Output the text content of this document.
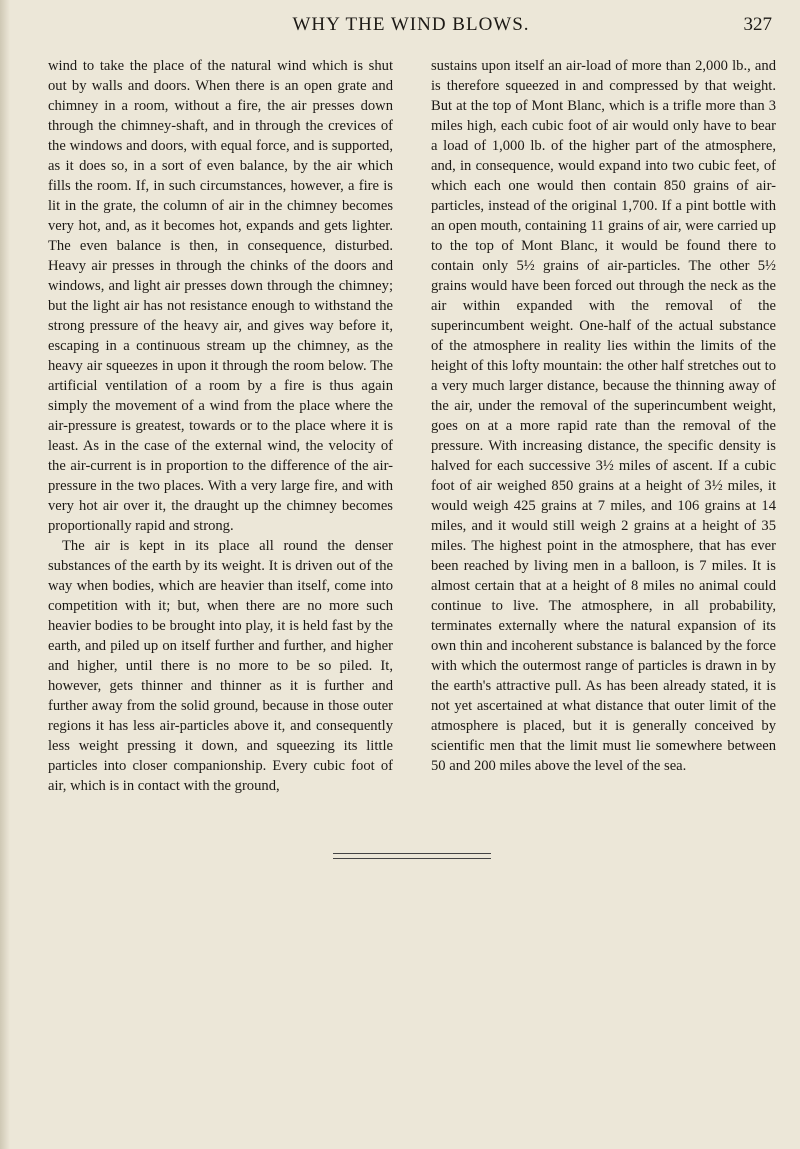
WHY THE WIND BLOWS.	327

wind to take the place of the natural wind which is shut out by walls and doors. When there is an open grate and chimney in a room, without a fire, the air presses down through the chimney-shaft, and in through the crevices of the windows and doors, with equal force, and is supported, as it does so, in a sort of even balance, by the air which fills the room. If, in such circumstances, however, a fire is lit in the grate, the column of air in the chimney becomes very hot, and, as it becomes hot, expands and gets lighter. The even balance is then, in consequence, disturbed. Heavy air presses in through the chinks of the doors and windows, and light air presses down through the chimney; but the light air has not resistance enough to withstand the strong pressure of the heavy air, and gives way before it, escaping in a continuous stream up the chimney, as the heavy air squeezes in upon it through the room below. The artificial ventilation of a room by a fire is thus again simply the movement of a wind from the place where the air-pressure is greatest, towards or to the place where it is least. As in the case of the external wind, the velocity of the air-current is in proportion to the difference of the air-pressure in the two places. With a very large fire, and with very hot air over it, the draught up the chimney becomes proportionally rapid and strong.

The air is kept in its place all round the denser substances of the earth by its weight. It is driven out of the way when bodies, which are heavier than itself, come into competition with it; but, when there are no more such heavier bodies to be brought into play, it is held fast by the earth, and piled up on itself further and further, and higher and higher, until there is no more to be so piled. It, however, gets thinner and thinner as it is further and further away from the solid ground, because in those outer regions it has less air-particles above it, and consequently less weight pressing it down, and squeezing its little particles into closer companionship. Every cubic foot of air, which is in contact with the ground,

sustains upon itself an air-load of more than 2,000 lb., and is therefore squeezed in and compressed by that weight. But at the top of Mont Blanc, which is a trifle more than 3 miles high, each cubic foot of air would only have to bear a load of 1,000 lb. of the higher part of the atmosphere, and, in consequence, would expand into two cubic feet, of which each one would then contain 850 grains of air-particles, instead of the original 1,700. If a pint bottle with an open mouth, containing 11 grains of air, were carried up to the top of Mont Blanc, it would be found there to contain only 5½ grains of air-particles. The other 5½ grains would have been forced out through the neck as the air within expanded with the removal of the superincumbent weight. One-half of the actual substance of the atmosphere in reality lies within the limits of the height of this lofty mountain: the other half stretches out to a very much larger distance, because the thinning away of the air, under the removal of the superincumbent weight, goes on at a more rapid rate than the removal of the pressure. With increasing distance, the specific density is halved for each successive 3½ miles of ascent. If a cubic foot of air weighed 850 grains at a height of 3½ miles, it would weigh 425 grains at 7 miles, and 106 grains at 14 miles, and it would still weigh 2 grains at a height of 35 miles. The highest point in the atmosphere, that has ever been reached by living men in a balloon, is 7 miles. It is almost certain that at a height of 8 miles no animal could continue to live. The atmosphere, in all probability, terminates externally where the natural expansion of its own thin and incoherent substance is balanced by the force with which the outermost range of particles is drawn in by the earth's attractive pull. As has been already stated, it is not yet ascertained at what distance that outer limit of the atmosphere is placed, but it is generally conceived by scientific men that the limit must lie somewhere between 50 and 200 miles above the level of the sea.
